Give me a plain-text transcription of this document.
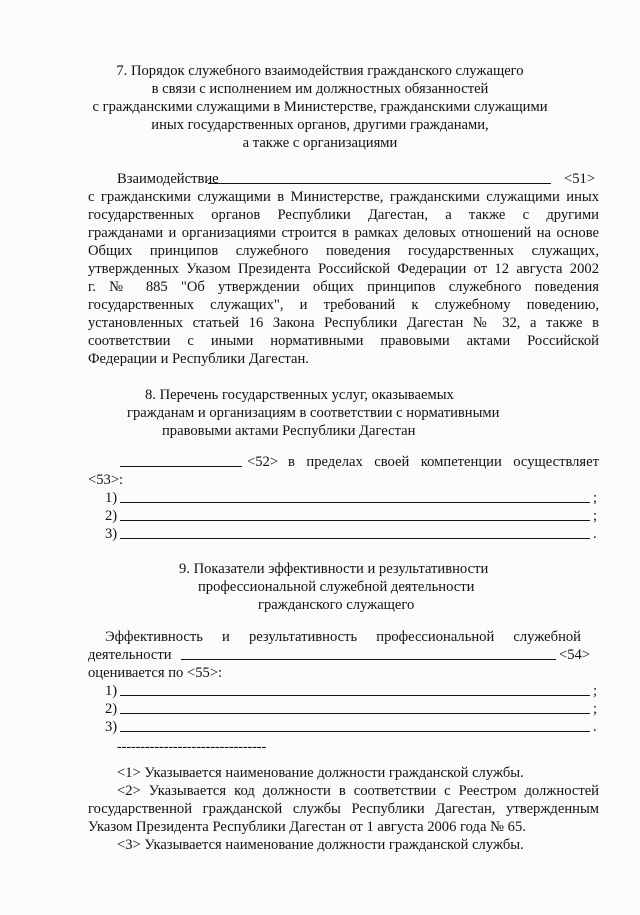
7. Порядок служебного взаимодействия гражданского служащего
в связи с исполнением им должностных обязанностей
с гражданскими служащими в Министерстве, гражданскими служащими
иных государственных органов, другими гражданами,
а также с организациями
Взаимодействие	<51>
с гражданскими служащими в Министерстве, гражданскими служащими иных
государственных органов Республики Дагестан, а также с другими
гражданами и организациями строится в рамках деловых отношений на основе
Общих принципов служебного поведения государственных служащих,
утвержденных Указом Президента Российской Федерации от 12 августа 2002
г. № 885 "Об утверждении общих принципов служебного поведения
государственных служащих", и требований к служебному поведению,
установленных статьей 16 Закона Республики Дагестан № 32, а также в
соответствии с иными нормативными правовыми актами Российской
Федерации и Республики Дагестан.
8. Перечень государственных услуг, оказываемых
гражданам и организациям в соответствии с нормативными
правовыми актами Республики Дагестан
<52> в пределах своей компетенции осуществляет
<53>:
1)	;
2)	;
3)	.
9. Показатели эффективности и результативности
профессиональной служебной деятельности
гражданского служащего
Эффективность и результативность профессиональной служебной
деятельности	<54>
оценивается по <55>:
1)	;
2)	;
3)	.
--------------------------------
<1> Указывается наименование должности гражданской службы.
<2> Указывается код должности в соответствии с Реестром должностей
государственной гражданской службы Республики Дагестан, утвержденным
Указом Президента Республики Дагестан от 1 августа 2006 года № 65.
<3> Указывается наименование должности гражданской службы.
